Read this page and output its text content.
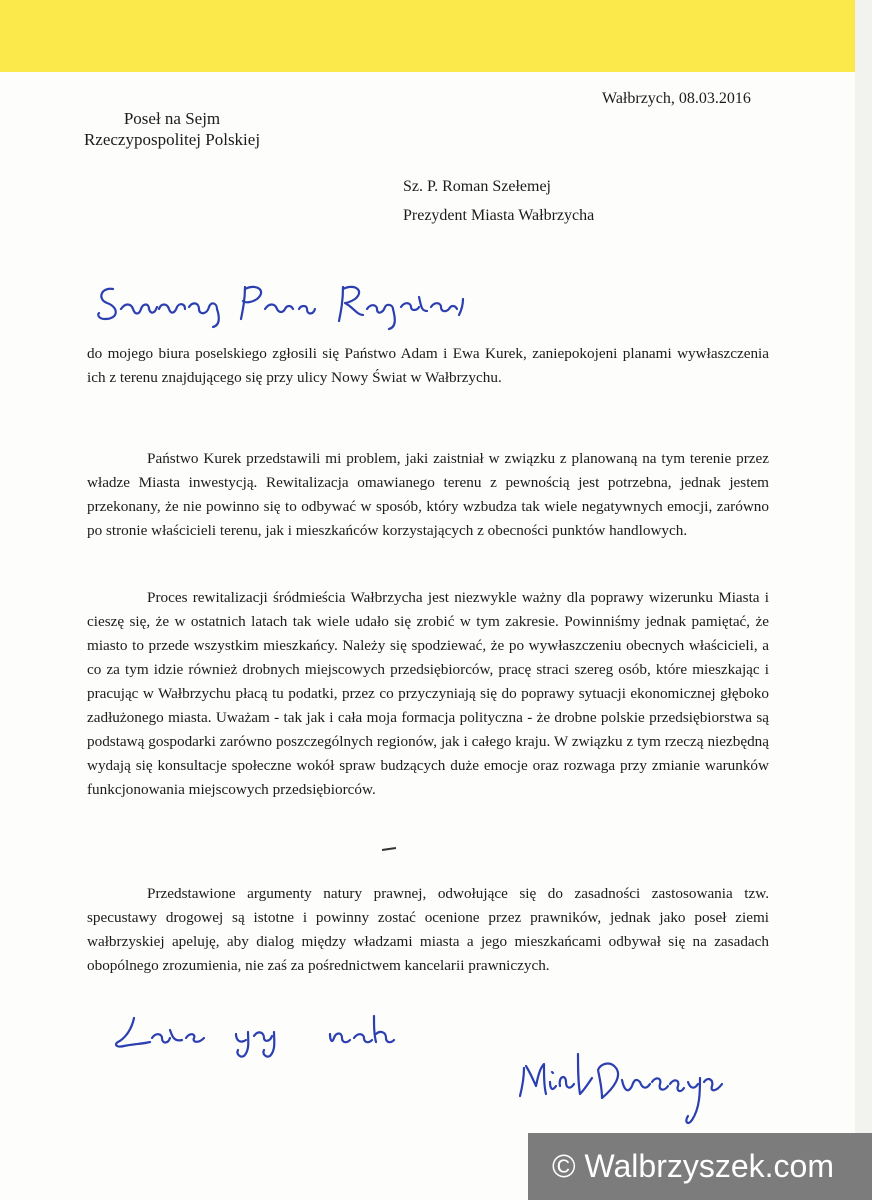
Poseł na Sejm
Rzeczypospolitej Polskiej
Wałbrzych, 08.03.2016
Sz. P. Roman Szełemej
Prezydent Miasta Wałbrzycha
Szanowny Panie Prezydencie,

do mojego biura poselskiego zgłosili się Państwo Adam i Ewa Kurek, zaniepokojeni planami wywłaszczenia ich z terenu znajdującego się przy ulicy Nowy Świat w Wałbrzychu.

Państwo Kurek przedstawili mi problem, jaki zaistniał w związku z planowaną na tym terenie przez władze Miasta inwestycją. Rewitalizacja omawianego terenu z pewnością jest potrzebna, jednak jestem przekonany, że nie powinno się to odbywać w sposób, który wzbudza tak wiele negatywnych emocji, zarówno po stronie właścicieli terenu, jak i mieszkańców korzystających z obecności punktów handlowych.

Proces rewitalizacji śródmieścia Wałbrzycha jest niezwykle ważny dla poprawy wizerunku Miasta i cieszę się, że w ostatnich latach tak wiele udało się zrobić w tym zakresie. Powinniśmy jednak pamiętać, że miasto to przede wszystkim mieszkańcy. Należy się spodziewać, że po wywłaszczeniu obecnych właścicieli, a co za tym idzie również drobnych miejscowych przedsiębiorców, pracę straci szereg osób, które mieszkając i pracując w Wałbrzychu płacą tu podatki, przez co przyczyniają się do poprawy sytuacji ekonomicznej głęboko zadłużonego miasta. Uważam - tak jak i cała moja formacja polityczna - że drobne polskie przedsiębiorstwa są podstawą gospodarki zarówno poszczególnych regionów, jak i całego kraju. W związku z tym rzeczą niezbędną wydają się konsultacje społeczne wokół spraw budzących duże emocje oraz rozwaga przy zmianie warunków funkcjonowania miejscowych przedsiębiorców.

Przedstawione argumenty natury prawnej, odwołujące się do zasadności zastosowania tzw. specustawy drogowej są istotne i powinny zostać ocenione przez prawników, jednak jako poseł ziemi wałbrzyskiej apeluję, aby dialog między władzami miasta a jego mieszkańcami odbywał się na zasadach obopólnego zrozumienia, nie zaś za pośrednictwem kancelarii prawniczych.

Łączę wyrazy szacunku
Michał Dworczyk
© Walbrzyszek.com
